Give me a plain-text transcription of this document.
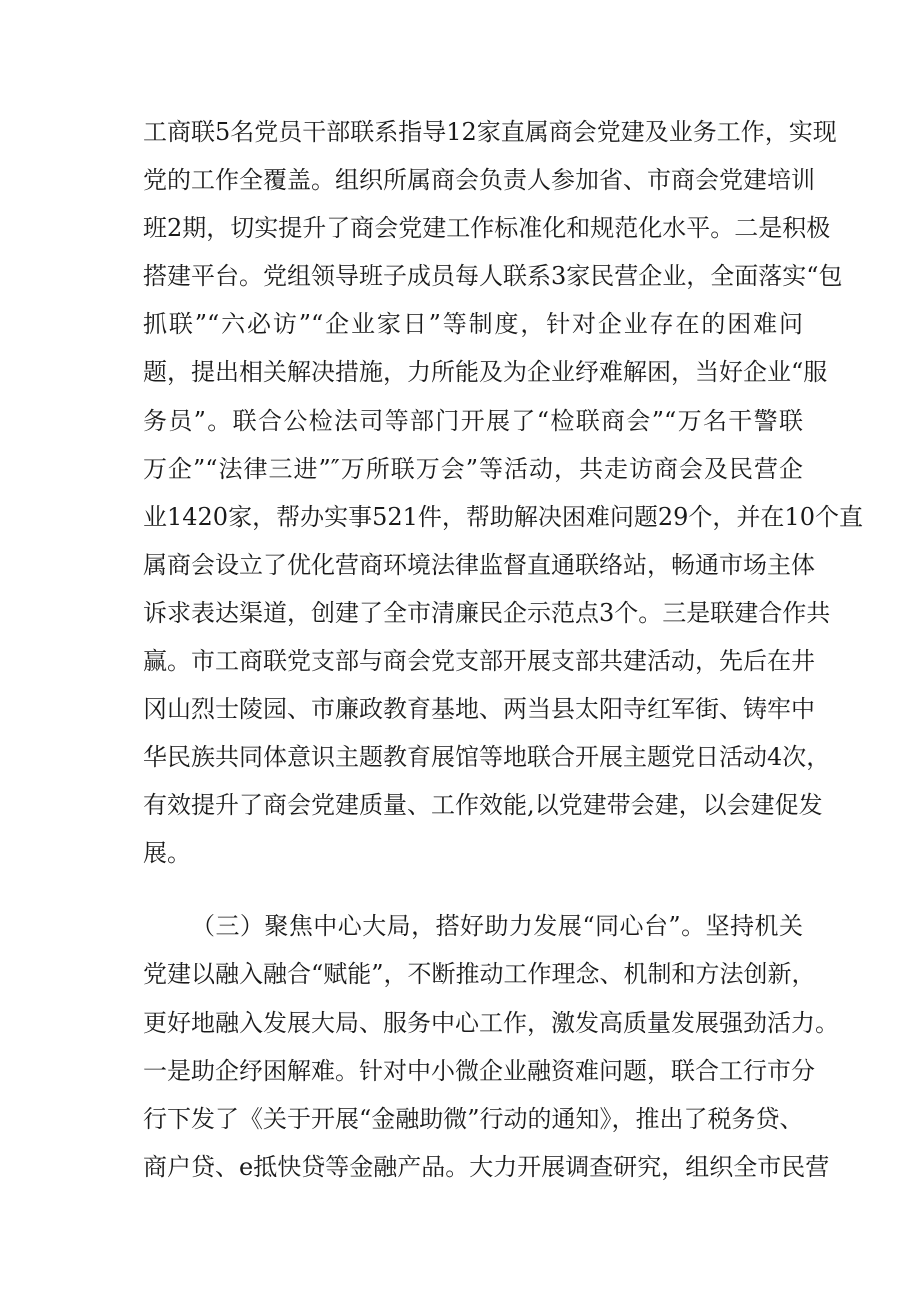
工商联5名党员干部联系指导12家直属商会党建及业务工作，实现
党的工作全覆盖。组织所属商会负责人参加省、市商会党建培训
班2期，切实提升了商会党建工作标准化和规范化水平。二是积极
搭建平台。党组领导班子成员每人联系3家民营企业，全面落实“包
抓联”“六必访”“企业家日”等制度，针对企业存在的困难问
题，提出相关解决措施，力所能及为企业纾难解困，当好企业“服
务员”。联合公检法司等部门开展了“检联商会”“万名干警联
万企”“法律三进”″万所联万会”等活动，共走访商会及民营企
业1420家，帮办实事521件，帮助解决困难问题29个，并在10个直
属商会设立了优化营商环境法律监督直通联络站，畅通市场主体
诉求表达渠道，创建了全市清廉民企示范点3个。三是联建合作共
赢。市工商联党支部与商会党支部开展支部共建活动，先后在井
冈山烈士陵园、市廉政教育基地、两当县太阳寺红军街、铸牢中
华民族共同体意识主题教育展馆等地联合开展主题党日活动4次，
有效提升了商会党建质量、工作效能,以党建带会建，以会建促发
展。
（三）聚焦中心大局，搭好助力发展“同心台”。坚持机关
党建以融入融合“赋能”，不断推动工作理念、机制和方法创新，
更好地融入发展大局、服务中心工作，激发高质量发展强劲活力。
一是助企纾困解难。针对中小微企业融资难问题，联合工行市分
行下发了《关于开展“金融助微”行动的通知》，推出了税务贷、
商户贷、e抵快贷等金融产品。大力开展调查研究，组织全市民营
